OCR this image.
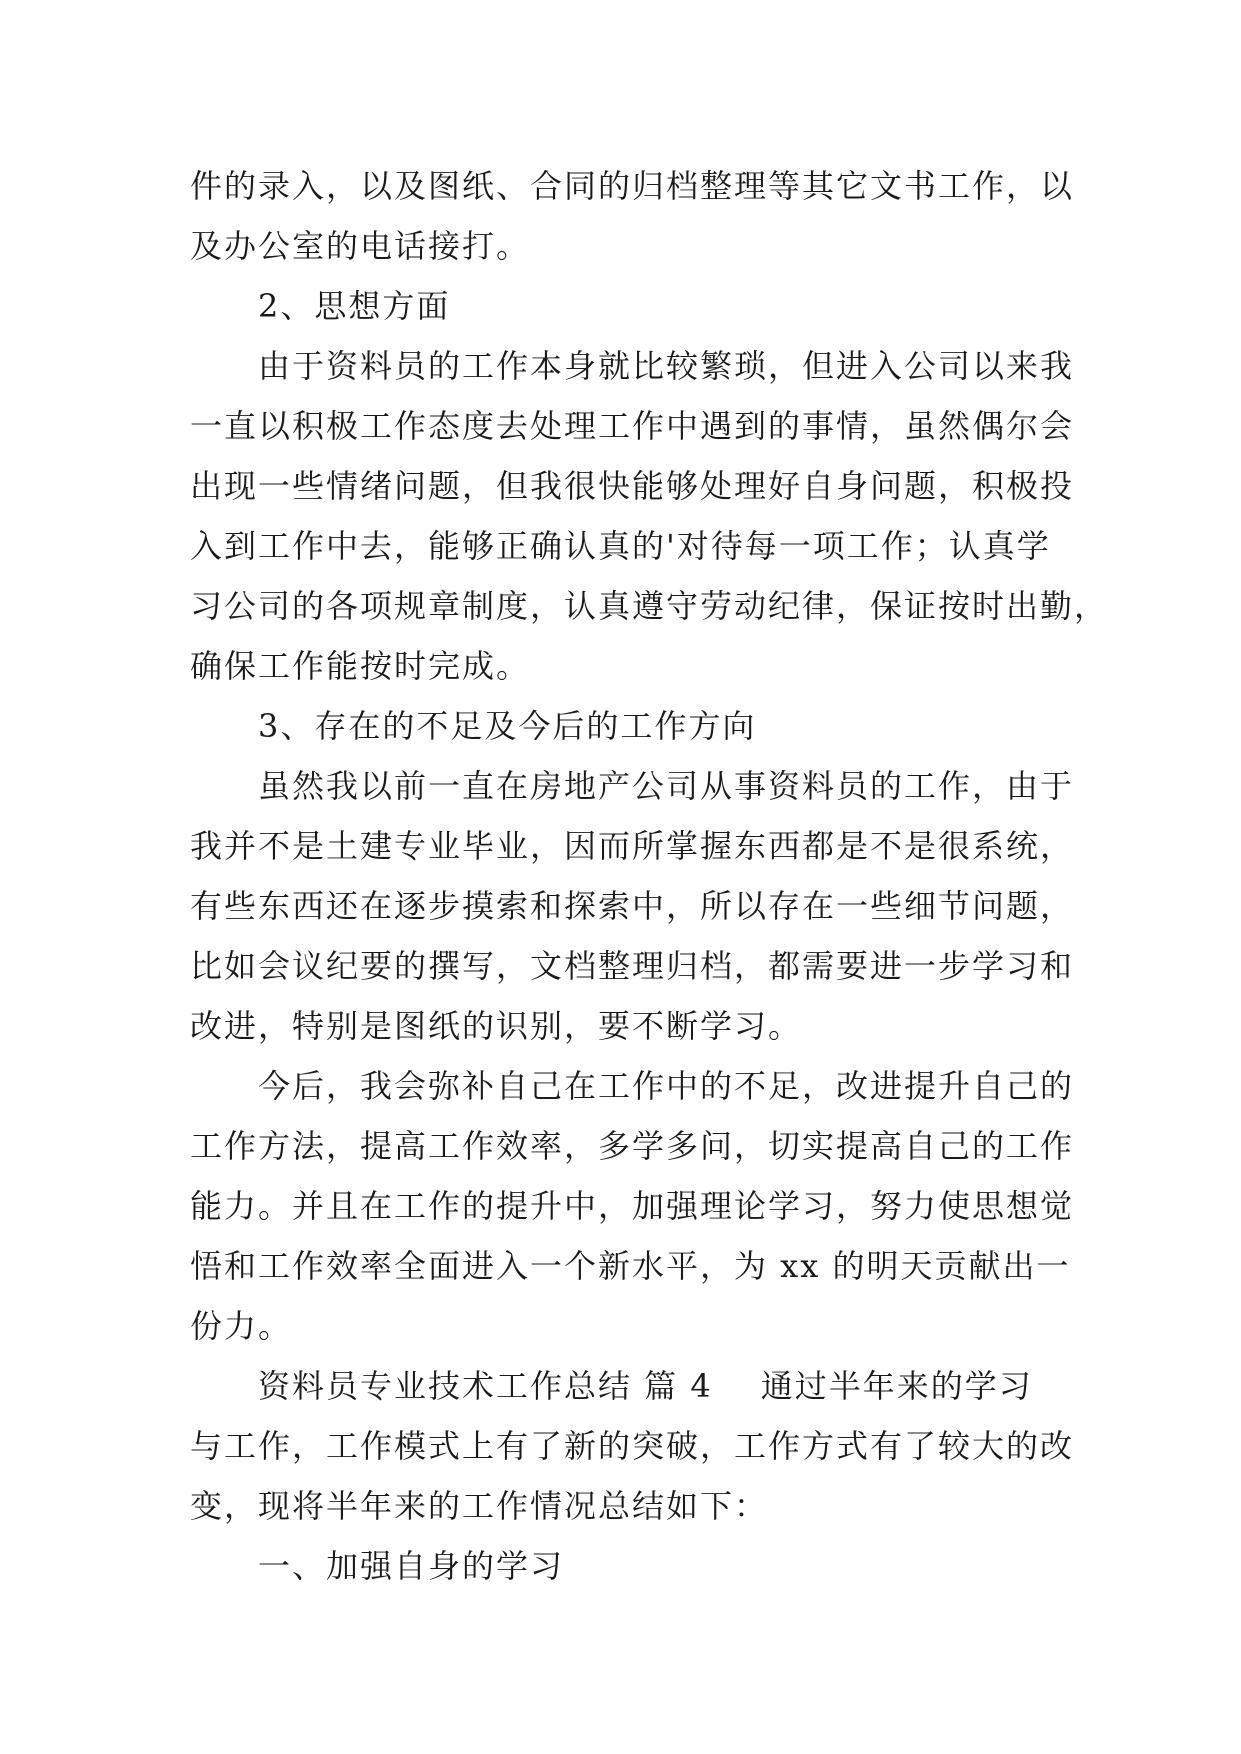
件的录入，以及图纸、合同的归档整理等其它文书工作，以
及办公室的电话接打。

2、思想方面

由于资料员的工作本身就比较繁琐，但进入公司以来我
一直以积极工作态度去处理工作中遇到的事情，虽然偶尔会
出现一些情绪问题，但我很快能够处理好自身问题，积极投
入到工作中去，能够正确认真的'对待每一项工作；认真学
习公司的各项规章制度，认真遵守劳动纪律，保证按时出勤，
确保工作能按时完成。

3、存在的不足及今后的工作方向

虽然我以前一直在房地产公司从事资料员的工作，由于
我并不是土建专业毕业，因而所掌握东西都是不是很系统，
有些东西还在逐步摸索和探索中，所以存在一些细节问题，
比如会议纪要的撰写，文档整理归档，都需要进一步学习和
改进，特别是图纸的识别，要不断学习。

今后，我会弥补自己在工作中的不足，改进提升自己的
工作方法，提高工作效率，多学多问，切实提高自己的工作
能力。并且在工作的提升中，加强理论学习，努力使思想觉
悟和工作效率全面进入一个新水平，为 xx 的明天贡献出一
份力。

资料员专业技术工作总结 篇 4 通过半年来的学习
与工作，工作模式上有了新的突破，工作方式有了较大的改
变，现将半年来的工作情况总结如下：

一、加强自身的学习
